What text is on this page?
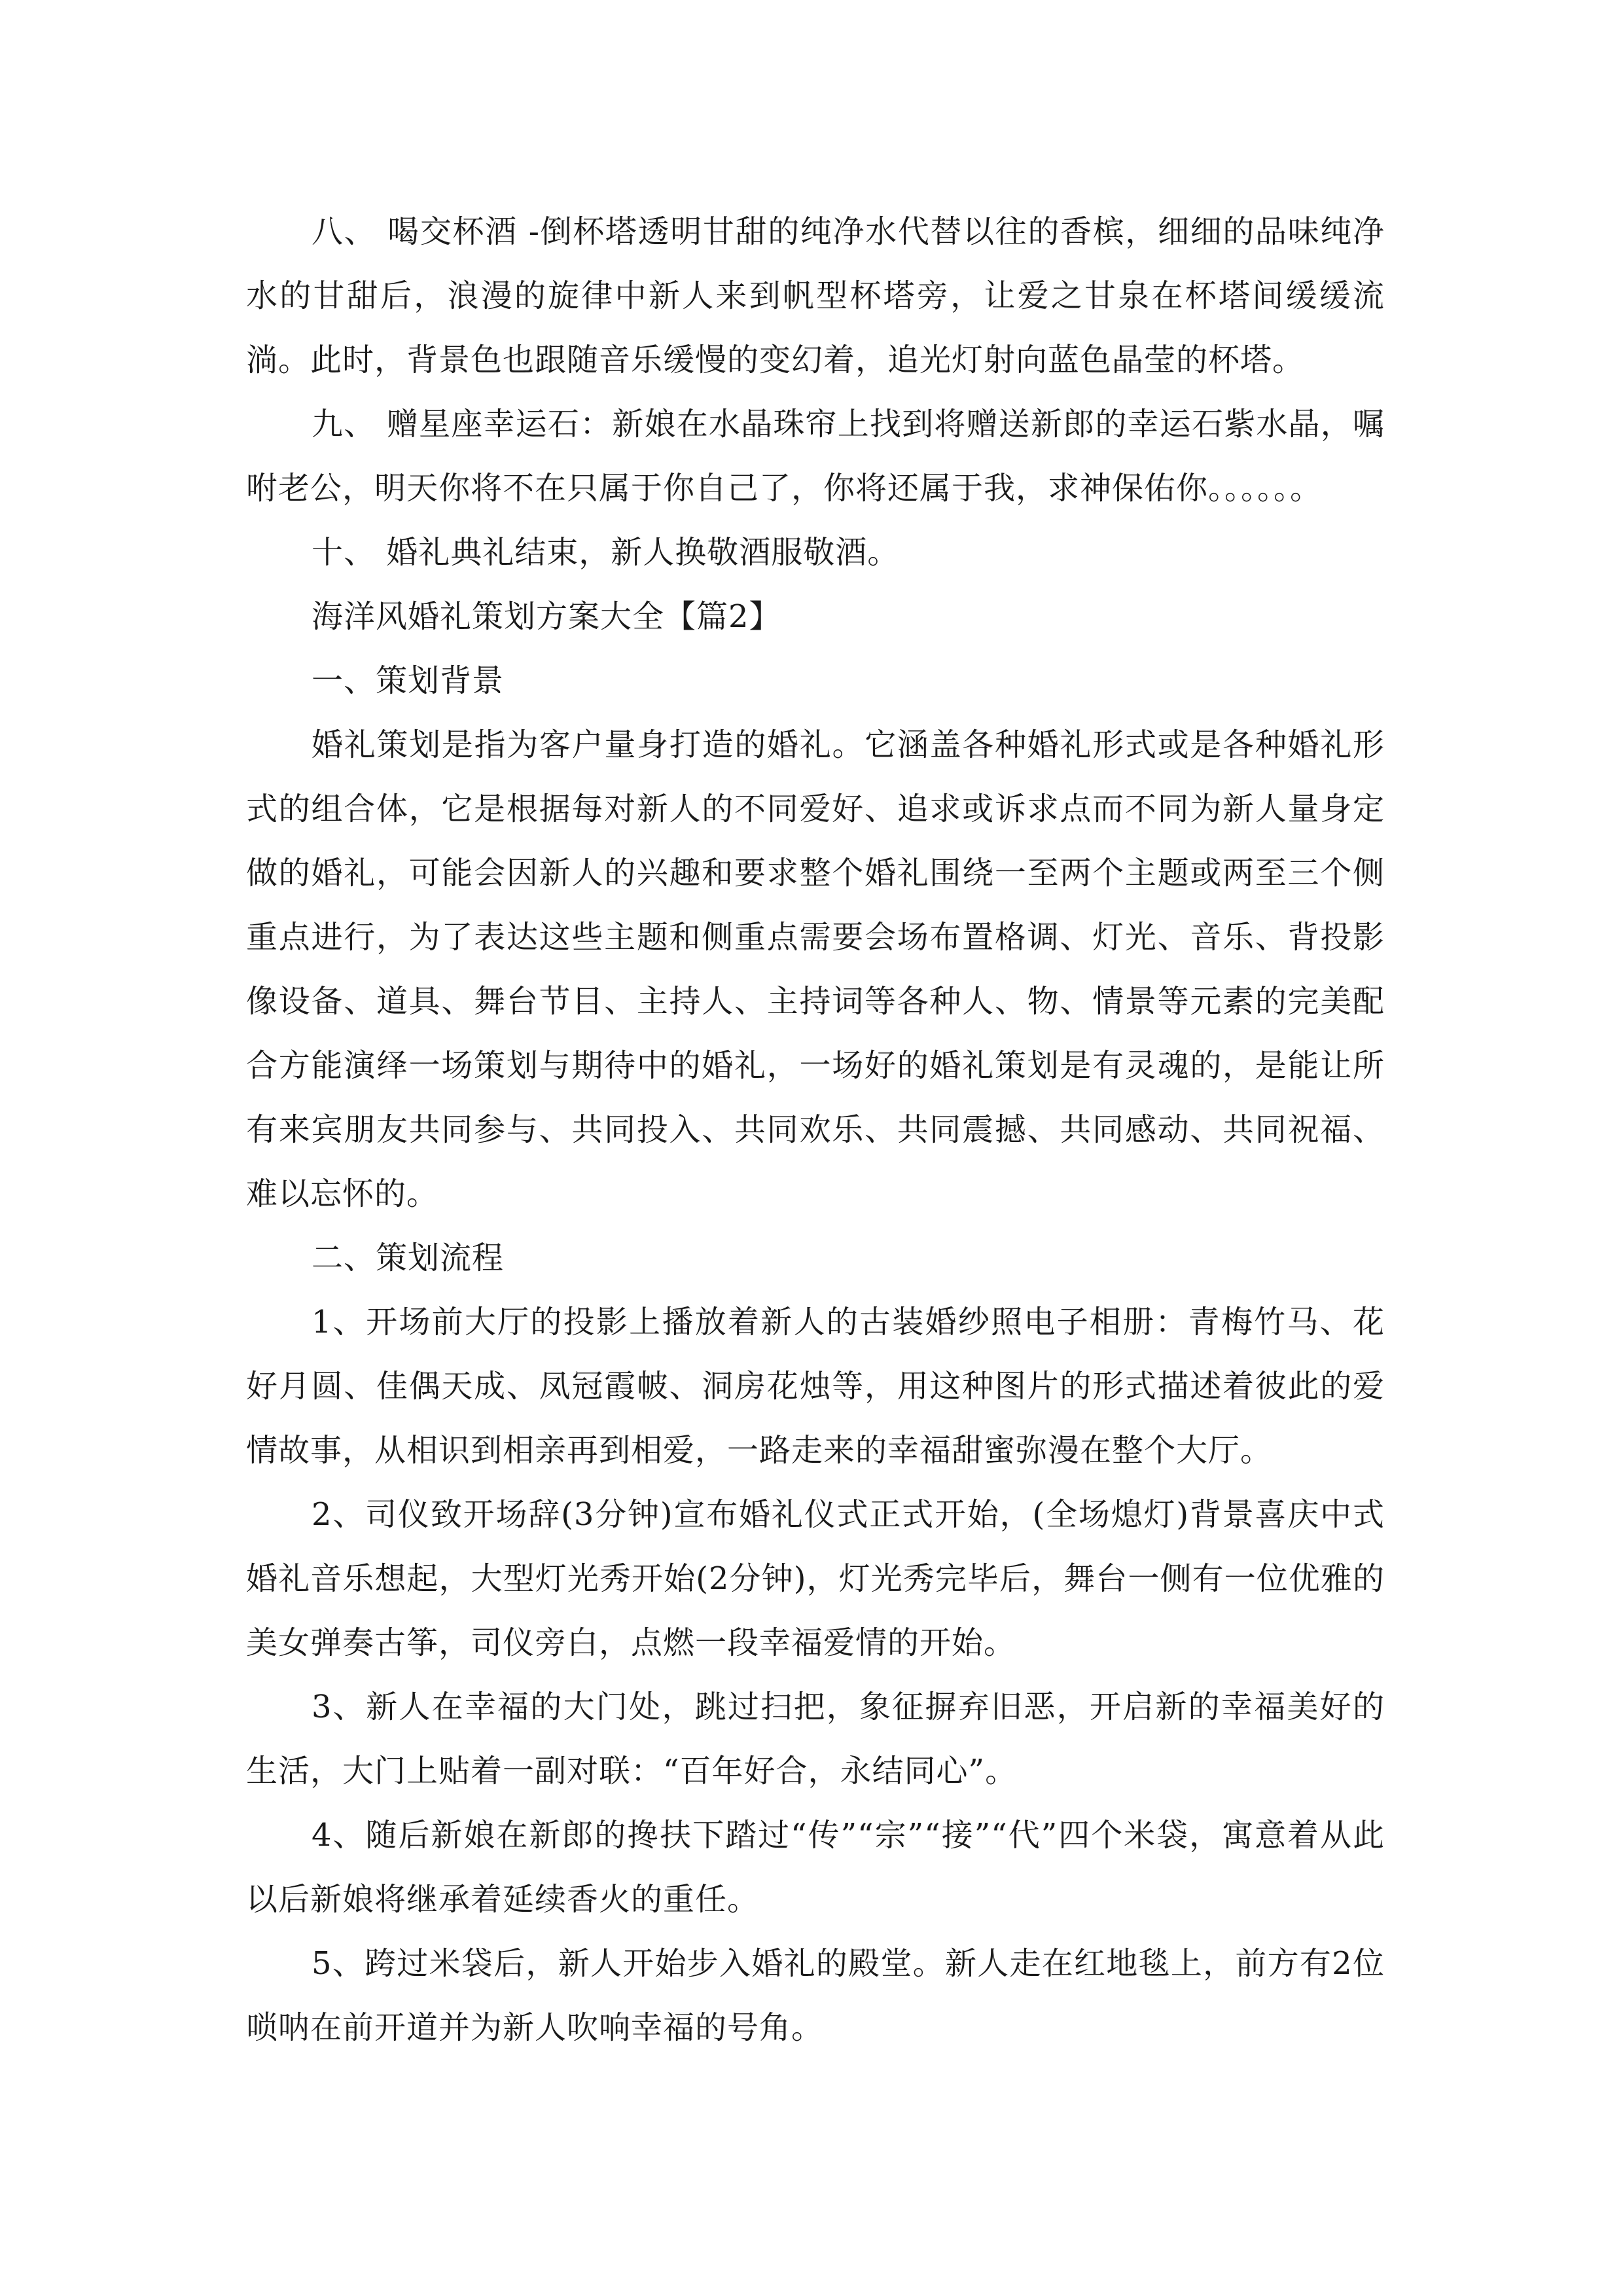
八、 喝交杯酒 -倒杯塔透明甘甜的纯净水代替以往的香槟，细细的品味纯净水的甘甜后，浪漫的旋律中新人来到帆型杯塔旁，让爱之甘泉在杯塔间缓缓流淌。此时，背景色也跟随音乐缓慢的变幻着，追光灯射向蓝色晶莹的杯塔。

九、 赠星座幸运石：新娘在水晶珠帘上找到将赠送新郎的幸运石紫水晶，嘱咐老公，明天你将不在只属于你自己了，你将还属于我，求神保佑你。。。。。。

十、 婚礼典礼结束，新人换敬酒服敬酒。

海洋风婚礼策划方案大全【篇2】

一、策划背景

婚礼策划是指为客户量身打造的婚礼。它涵盖各种婚礼形式或是各种婚礼形式的组合体，它是根据每对新人的不同爱好、追求或诉求点而不同为新人量身定做的婚礼，可能会因新人的兴趣和要求整个婚礼围绕一至两个主题或两至三个侧重点进行，为了表达这些主题和侧重点需要会场布置格调、灯光、音乐、背投影像设备、道具、舞台节目、主持人、主持词等各种人、物、情景等元素的完美配合方能演绎一场策划与期待中的婚礼，一场好的婚礼策划是有灵魂的，是能让所有来宾朋友共同参与、共同投入、共同欢乐、共同震撼、共同感动、共同祝福、难以忘怀的。

二、策划流程

1、开场前大厅的投影上播放着新人的古装婚纱照电子相册：青梅竹马、花好月圆、佳偶天成、凤冠霞帔、洞房花烛等，用这种图片的形式描述着彼此的爱情故事，从相识到相亲再到相爱，一路走来的幸福甜蜜弥漫在整个大厅。

2、司仪致开场辞(3分钟)宣布婚礼仪式正式开始，(全场熄灯)背景喜庆中式婚礼音乐想起，大型灯光秀开始(2分钟)，灯光秀完毕后，舞台一侧有一位优雅的美女弹奏古筝，司仪旁白，点燃一段幸福爱情的开始。

3、新人在幸福的大门处，跳过扫把，象征摒弃旧恶，开启新的幸福美好的生活，大门上贴着一副对联：“百年好合，永结同心”。

4、随后新娘在新郎的搀扶下踏过“传”“宗”“接”“代”四个米袋，寓意着从此以后新娘将继承着延续香火的重任。

5、跨过米袋后，新人开始步入婚礼的殿堂。新人走在红地毯上，前方有2位唢呐在前开道并为新人吹响幸福的号角。
